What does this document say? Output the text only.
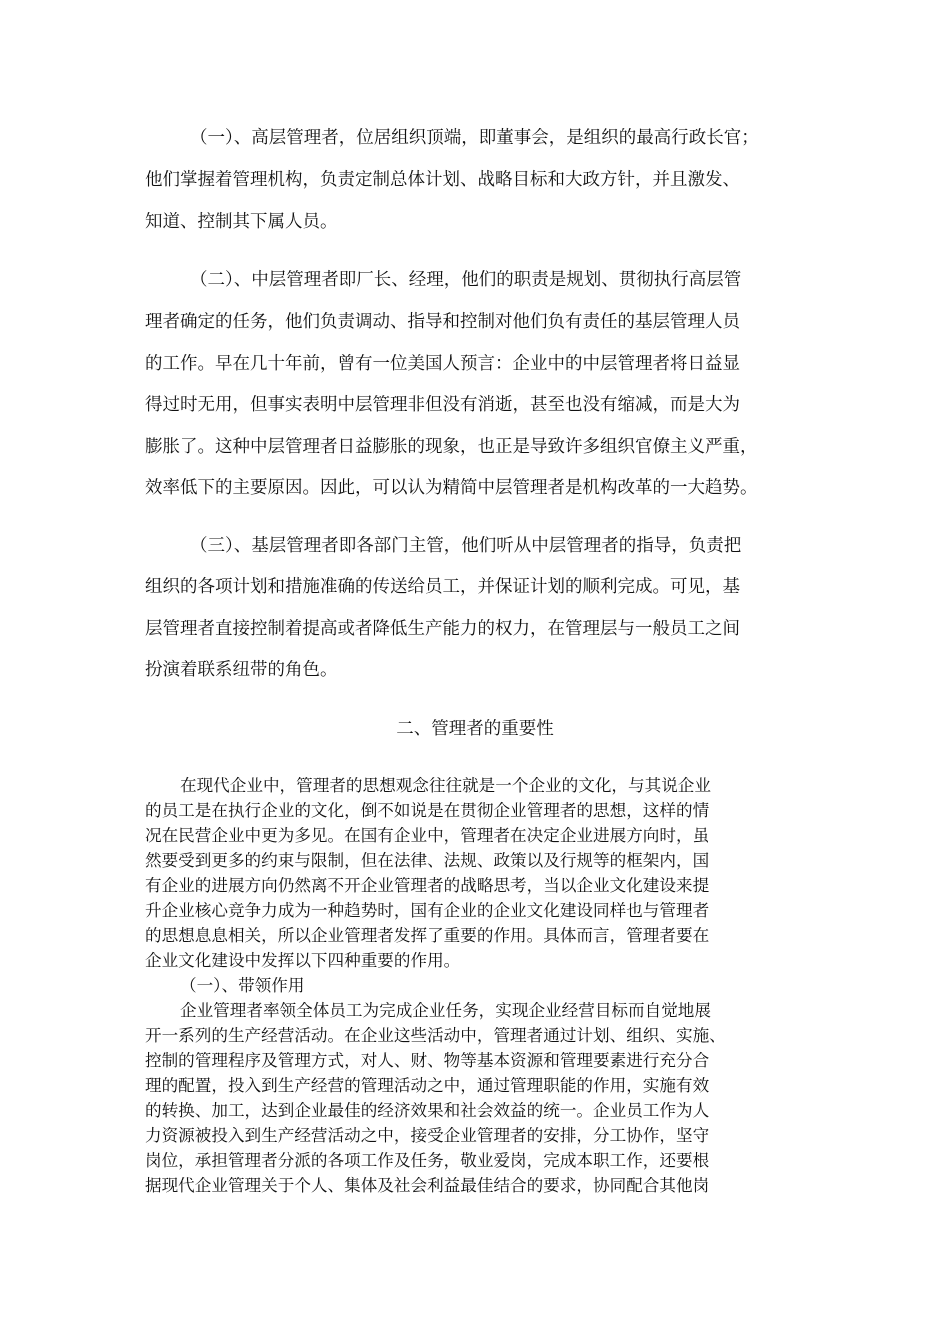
（一）、高层管理者，位居组织顶端，即董事会，是组织的最高行政长官；
他们掌握着管理机构，负责定制总体计划、战略目标和大政方针，并且激发、
知道、控制其下属人员。
（二）、中层管理者即厂长、经理，他们的职责是规划、贯彻执行高层管
理者确定的任务，他们负责调动、指导和控制对他们负有责任的基层管理人员
的工作。早在几十年前，曾有一位美国人预言：企业中的中层管理者将日益显
得过时无用，但事实表明中层管理非但没有消逝，甚至也没有缩减，而是大为
膨胀了。这种中层管理者日益膨胀的现象，也正是导致许多组织官僚主义严重，
效率低下的主要原因。因此，可以认为精简中层管理者是机构改革的一大趋势。
（三）、基层管理者即各部门主管，他们听从中层管理者的指导，负责把
组织的各项计划和措施准确的传送给员工，并保证计划的顺利完成。可见，基
层管理者直接控制着提高或者降低生产能力的权力，在管理层与一般员工之间
扮演着联系纽带的角色。
二、管理者的重要性
在现代企业中，管理者的思想观念往往就是一个企业的文化，与其说企业
的员工是在执行企业的文化，倒不如说是在贯彻企业管理者的思想，这样的情
况在民营企业中更为多见。在国有企业中，管理者在决定企业进展方向时，虽
然要受到更多的约束与限制，但在法律、法规、政策以及行规等的框架内，国
有企业的进展方向仍然离不开企业管理者的战略思考，当以企业文化建设来提
升企业核心竞争力成为一种趋势时，国有企业的企业文化建设同样也与管理者
的思想息息相关，所以企业管理者发挥了重要的作用。具体而言，管理者要在
企业文化建设中发挥以下四种重要的作用。
（一）、带领作用
企业管理者率领全体员工为完成企业任务，实现企业经营目标而自觉地展
开一系列的生产经营活动。在企业这些活动中，管理者通过计划、组织、实施、
控制的管理程序及管理方式，对人、财、物等基本资源和管理要素进行充分合
理的配置，投入到生产经营的管理活动之中，通过管理职能的作用，实施有效
的转换、加工，达到企业最佳的经济效果和社会效益的统一。企业员工作为人
力资源被投入到生产经营活动之中，接受企业管理者的安排，分工协作，坚守
岗位，承担管理者分派的各项工作及任务，敬业爱岗，完成本职工作，还要根
据现代企业管理关于个人、集体及社会利益最佳结合的要求，协同配合其他岗
